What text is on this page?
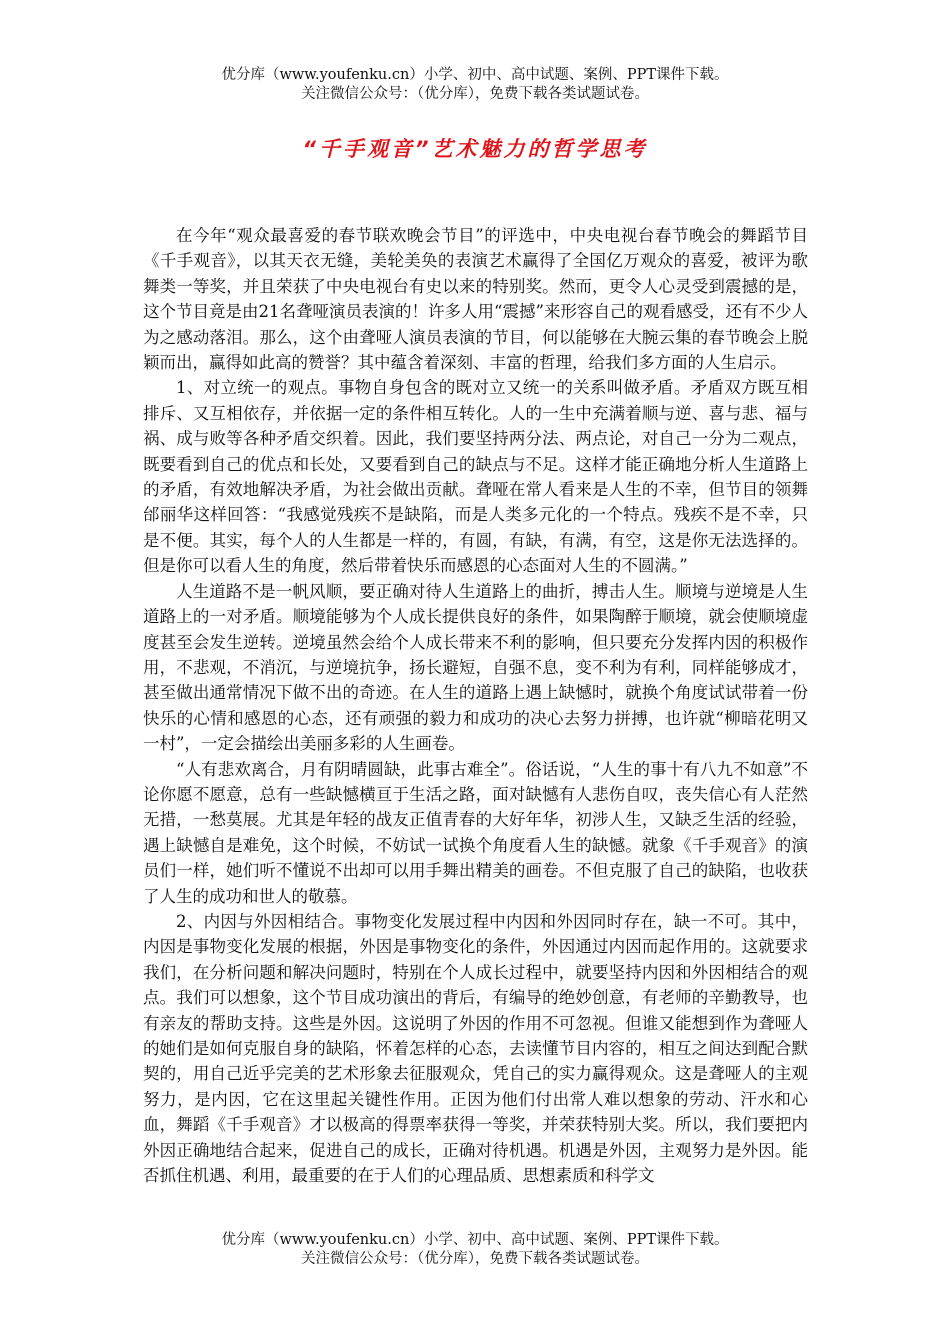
优分库（www.youfenku.cn）小学、初中、高中试题、案例、PPT课件下载。
关注微信公众号：（优分库），免费下载各类试题试卷。
“千手观音”艺术魅力的哲学思考

在今年“观众最喜爱的春节联欢晚会节目”的评选中，中央电视台春节晚会的舞蹈节目《千手观音》，以其天衣无缝，美轮美奂的表演艺术赢得了全国亿万观众的喜爱，被评为歌舞类一等奖，并且荣获了中央电视台有史以来的特别奖。然而，更令人心灵受到震撼的是，这个节目竟是由21名聋哑演员表演的！许多人用“震撼”来形容自己的观看感受，还有不少人为之感动落泪。那么，这个由聋哑人演员表演的节目，何以能够在大腕云集的春节晚会上脱颖而出，赢得如此高的赞誉？其中蕴含着深刻、丰富的哲理，给我们多方面的人生启示。

1、对立统一的观点。事物自身包含的既对立又统一的关系叫做矛盾。矛盾双方既互相排斥、又互相依存，并依据一定的条件相互转化。人的一生中充满着顺与逆、喜与悲、福与祸、成与败等各种矛盾交织着。因此，我们要坚持两分法、两点论，对自己一分为二观点，既要看到自己的优点和长处，又要看到自己的缺点与不足。这样才能正确地分析人生道路上的矛盾，有效地解决矛盾，为社会做出贡献。聋哑在常人看来是人生的不幸，但节目的领舞邰丽华这样回答：“我感觉残疾不是缺陷，而是人类多元化的一个特点。残疾不是不幸，只是不便。其实，每个人的人生都是一样的，有圆，有缺，有满，有空，这是你无法选择的。但是你可以看人生的角度，然后带着快乐而感恩的心态面对人生的不圆满。”

人生道路不是一帆风顺，要正确对待人生道路上的曲折，搏击人生。顺境与逆境是人生道路上的一对矛盾。顺境能够为个人成长提供良好的条件，如果陶醉于顺境，就会使顺境虚度甚至会发生逆转。逆境虽然会给个人成长带来不利的影响，但只要充分发挥内因的积极作用，不悲观，不消沉，与逆境抗争，扬长避短，自强不息，变不利为有利，同样能够成才，甚至做出通常情况下做不出的奇迹。在人生的道路上遇上缺憾时，就换个角度试试带着一份快乐的心情和感恩的心态，还有顽强的毅力和成功的决心去努力拼搏，也许就“柳暗花明又一村”，一定会描绘出美丽多彩的人生画卷。

“人有悲欢离合，月有阴晴圆缺，此事古难全”。俗话说，“人生的事十有八九不如意”不论你愿不愿意，总有一些缺憾横亘于生活之路，面对缺憾有人悲伤自叹，丧失信心有人茫然无措，一愁莫展。尤其是年轻的战友正值青春的大好年华，初涉人生，又缺乏生活的经验，遇上缺憾自是难免，这个时候，不妨试一试换个角度看人生的缺憾。就象《千手观音》的演员们一样，她们听不懂说不出却可以用手舞出精美的画卷。不但克服了自己的缺陷，也收获了人生的成功和世人的敬慕。

2、内因与外因相结合。事物变化发展过程中内因和外因同时存在，缺一不可。其中，内因是事物变化发展的根据，外因是事物变化的条件，外因通过内因而起作用的。这就要求我们，在分析问题和解决问题时，特别在个人成长过程中，就要坚持内因和外因相结合的观点。我们可以想象，这个节目成功演出的背后，有编导的绝妙创意，有老师的辛勤教导，也有亲友的帮助支持。这些是外因。这说明了外因的作用不可忽视。但谁又能想到作为聋哑人的她们是如何克服自身的缺陷，怀着怎样的心态，去读懂节目内容的，相互之间达到配合默契的，用自己近乎完美的艺术形象去征服观众，凭自己的实力赢得观众。这是聋哑人的主观努力，是内因，它在这里起关键性作用。正因为他们付出常人难以想象的劳动、汗水和心血，舞蹈《千手观音》才以极高的得票率获得一等奖，并荣获特别大奖。所以，我们要把内外因正确地结合起来，促进自己的成长，正确对待机遇。机遇是外因，主观努力是外因。能否抓住机遇、利用，最重要的在于人们的心理品质、思想素质和科学文

优分库（www.youfenku.cn）小学、初中、高中试题、案例、PPT课件下载。
关注微信公众号：（优分库），免费下载各类试题试卷。
